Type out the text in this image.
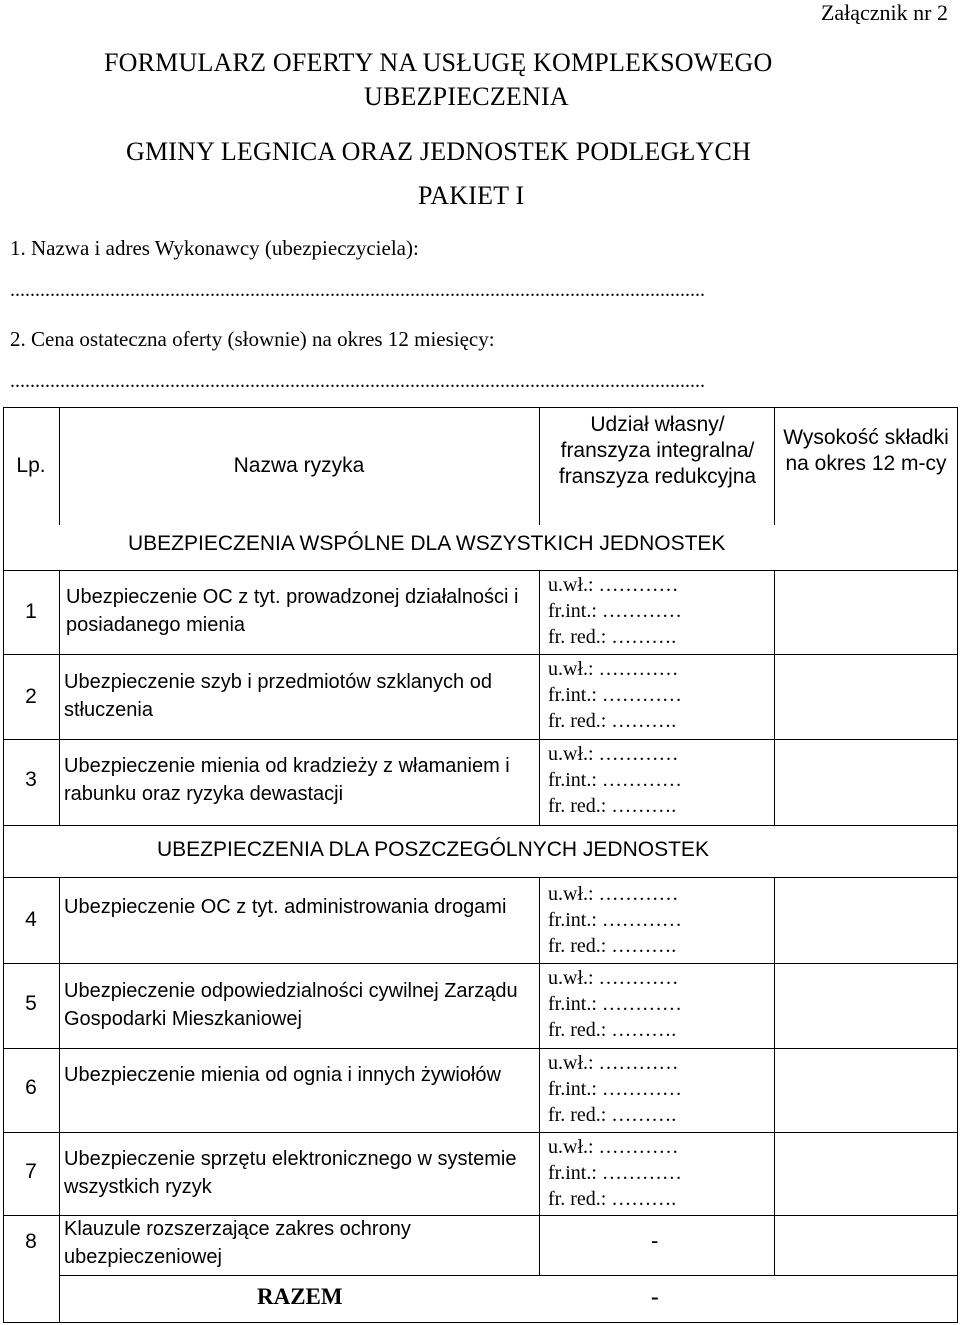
Załącznik nr 2
FORMULARZ OFERTY NA USŁUGĘ KOMPLEKSOWEGO
UBEZPIECZENIA
GMINY LEGNICA ORAZ JEDNOSTEK PODLEGŁYCH
PAKIET I
1. Nazwa i adres Wykonawcy (ubezpieczyciela):
...........................................................................................................................................
2. Cena ostateczna oferty (słownie) na okres 12 miesięcy:
...........................................................................................................................................
Lp.	Nazwa ryzyka
Udział własny/ franszyza integralna/ franszyza redukcyjna
Wysokość składki na okres 12 m-cy
UBEZPIECZENIA WSPÓLNE DLA WSZYSTKICH JEDNOSTEK
UBEZPIECZENIA DLA POSZCZEGÓLNYCH JEDNOSTEK
1
Ubezpieczenie OC z tyt. prowadzonej działalności i posiadanego mienia
u.wł.: …………
fr.int.: …………
fr. red.: ……….
2
Ubezpieczenie szyb i przedmiotów szklanych od stłuczenia
u.wł.: …………
fr.int.: …………
fr. red.: ……….
3
Ubezpieczenie mienia od kradzieży z włamaniem i rabunku oraz ryzyka dewastacji
u.wł.: …………
fr.int.: …………
fr. red.: ……….
4
Ubezpieczenie OC z tyt. administrowania drogami
u.wł.: …………
fr.int.: …………
fr. red.: ……….
5
Ubezpieczenie odpowiedzialności cywilnej Zarządu Gospodarki Mieszkaniowej
u.wł.: …………
fr.int.: …………
fr. red.: ……….
6
Ubezpieczenie mienia od ognia i innych żywiołów
u.wł.: …………
fr.int.: …………
fr. red.: ……….
7
Ubezpieczenie sprzętu elektronicznego w systemie wszystkich ryzyk
u.wł.: …………
fr.int.: …………
fr. red.: ……….
8
Klauzule rozszerzające zakres ochrony ubezpieczeniowej
-
RAZEM	-
